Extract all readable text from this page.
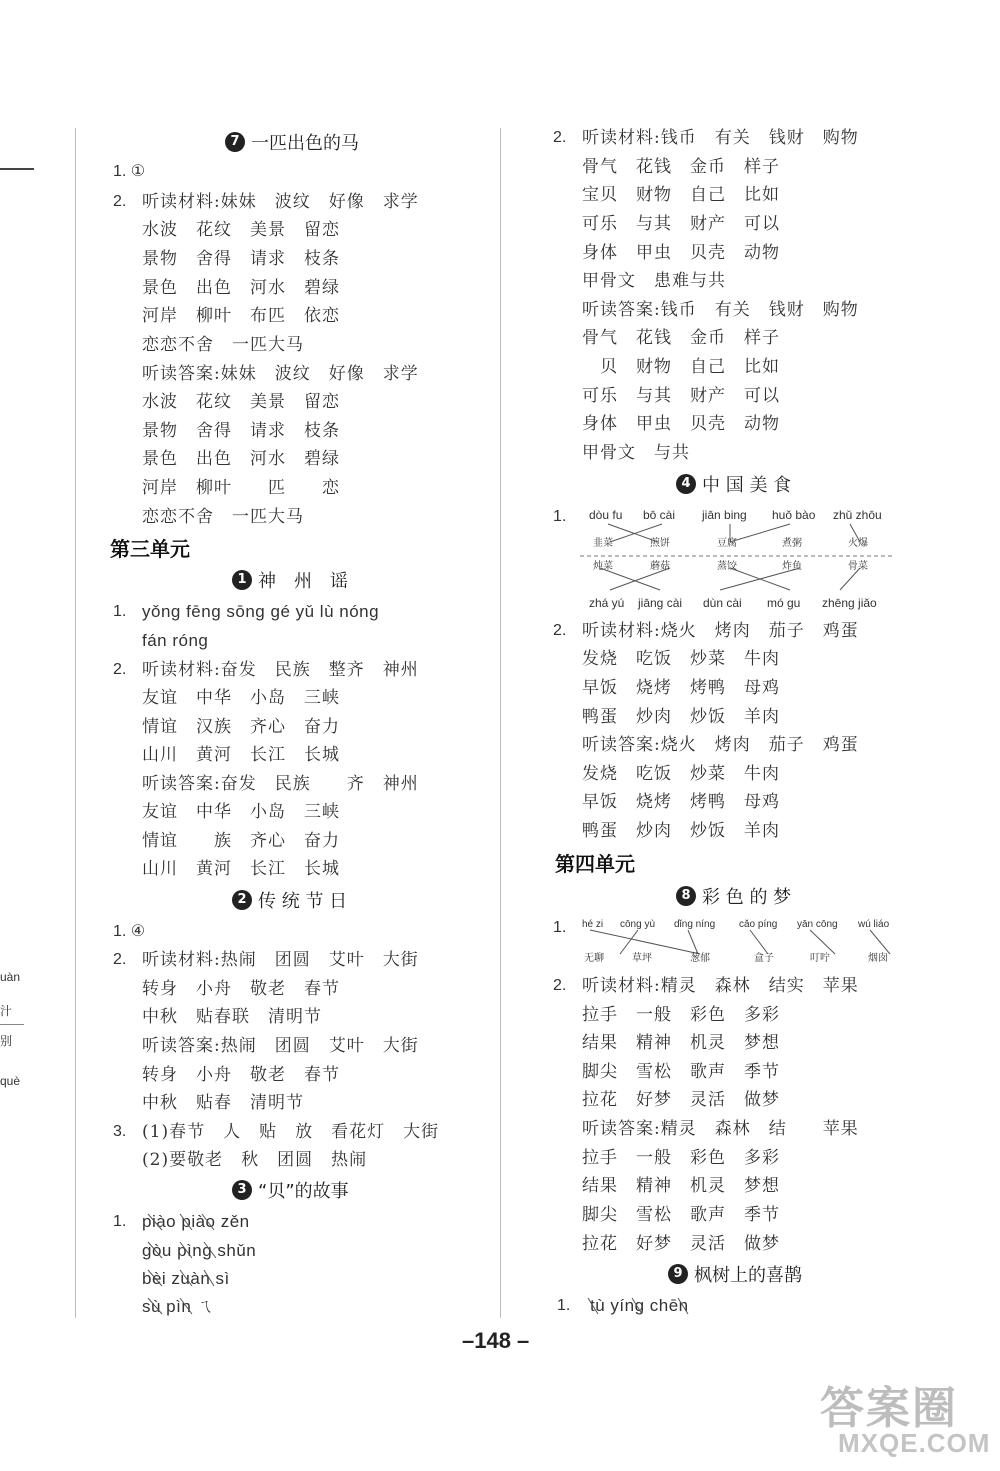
uàn
汁
别
què
7 一匹出色的马
1. ①
2. 听读材料:妹妹　波纹　好像　求学
水波　花纹　美景　留恋
景物　舍得　请求　枝条
景色　出色　河水　碧绿
河岸　柳叶　布匹　依恋
恋恋不舍　一匹大马
听读答案:妹妹　波纹　好像　求学
水波　花纹　美景　留恋
景物　舍得　请求　枝条
景色　出色　河水　碧绿
河岸　柳叶　　匹　　恋
恋恋不舍　一匹大马
第三单元
1 神　州　谣
1. yǒng fēng sōng gé yǔ lù nóng
fán róng
2. 听读材料:奋发　民族　整齐　神州
友谊　中华　小岛　三峡
情谊　汉族　齐心　奋力
山川　黄河　长江　长城
听读答案:奋发　民族　　齐　神州
友谊　中华　小岛　三峡
情谊　　族　齐心　奋力
山川　黄河　长江　长城
2 传 统 节 日
1. ④
2. 听读材料:热闹　团圆　艾叶　大街
转身　小舟　敬老　春节
中秋　贴春联　清明节
听读答案:热闹　团圆　艾叶　大街
转身　小舟　敬老　春节
中秋　贴春　清明节
3. (1)春节　人　贴　放　看花灯　大街
(2)要敬老　秋　团圆　热闹
3 “贝”的故事
1. piào piào zěn
gòu pìng shǔn
bèi zuàn sì
sù pìn ㄟ
2. 听读材料:钱币　有关　钱财　购物
骨气　花钱　金币　样子
宝贝　财物　自己　比如
可乐　与其　财产　可以
身体　甲虫　贝壳　动物
甲骨文　患难与共
听读答案:钱币　有关　钱财　购物
骨气　花钱　金币　样子
　贝　财物　自己　比如
可乐　与其　财产　可以
身体　甲虫　贝壳　动物
甲骨文　与共
4 中 国 美 食
1. dòu fu bō cài jiān bing huǒ bào zhǔ zhōu
韭菜	煎饼	豆腐	煮粥	火爆
炖菜	蘑菇	蒸饺	炸鱼	骨菜
zhá yú jiāng cài dùn cài mó gu zhēng jiǎo
2. 听读材料:烧火　烤肉　茄子　鸡蛋
发烧　吃饭　炒菜　牛肉
早饭　烧烤　烤鸭　母鸡
鸭蛋　炒肉　炒饭　羊肉
听读答案:烧火　烤肉　茄子　鸡蛋
发烧　吃饭　炒菜　牛肉
早饭　烧烤　烤鸭　母鸡
鸭蛋　炒肉　炒饭　羊肉
第四单元
8 彩 色 的 梦
1. hé zi cōng yù dǐng níng cǎo píng yān cōng wú liáo
无聊	草坪	葱郁	盒子	叮咛	烟囱
2. 听读材料:精灵　森林　结实　苹果
拉手　一般　彩色　多彩
结果　精神　机灵　梦想
脚尖　雪松　歌声　季节
拉花　好梦　灵活　做梦
听读答案:精灵　森林　结　　苹果
拉手　一般　彩色　多彩
结果　精神　机灵　梦想
脚尖　雪松　歌声　季节
拉花　好梦　灵活　做梦
9 枫树上的喜鹊
1. tù yíng chēn
–148 –
答案圈
MXQE.COM
